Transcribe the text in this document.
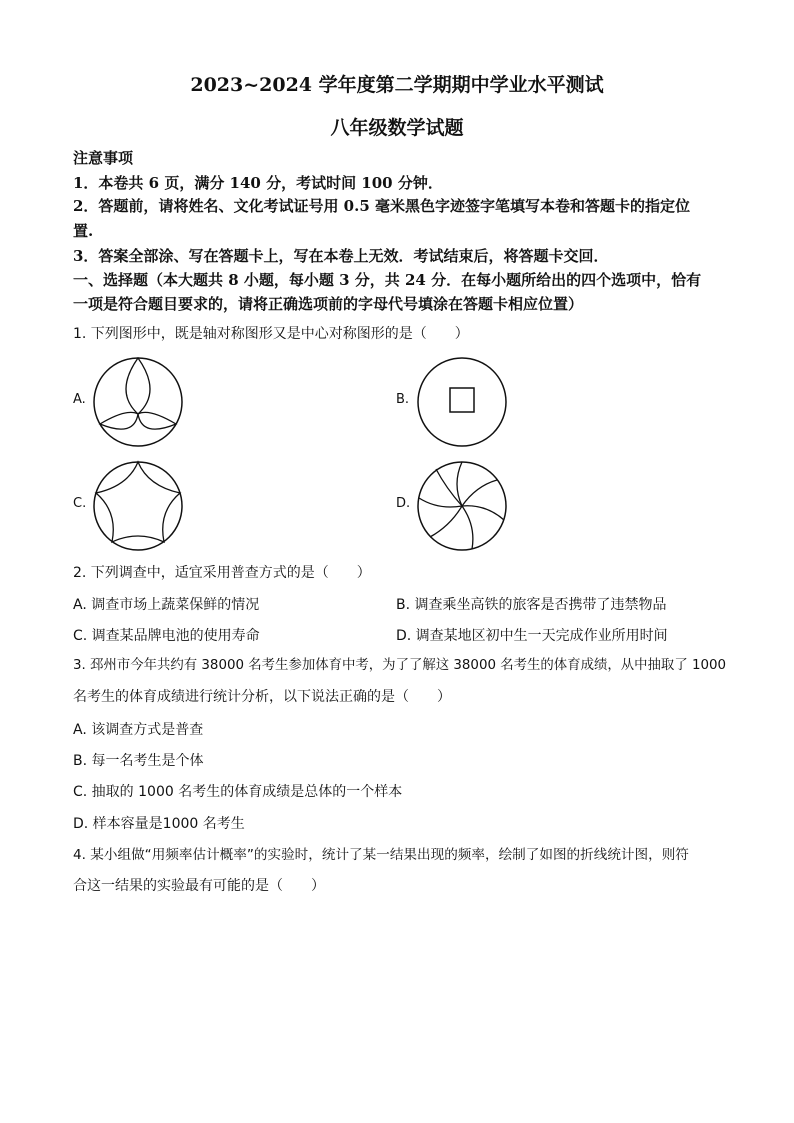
2023~2024 学年度第二学期期中学业水平测试
八年级数学试题
注意事项
1．本卷共 6 页，满分 140 分，考试时间 100 分钟．
2．答题前，请将姓名、文化考试证号用 0.5 毫米黑色字迹签字笔填写本卷和答题卡的指定位
置.
3．答案全部涂、写在答题卡上，写在本卷上无效．考试结束后，将答题卡交回．
一、选择题（本大题共 8 小题，每小题 3 分，共 24 分．在每小题所给出的四个选项中，恰有
一项是符合题目要求的，请将正确选项前的字母代号填涂在答题卡相应位置）
1. 下列图形中，既是轴对称图形又是中心对称图形的是（　　）
A.	B.
C.	D.
2. 下列调查中，适宜采用普查方式的是（　　）
A. 调查市场上蔬菜保鲜的情况	B. 调查乘坐高铁的旅客是否携带了违禁物品
C. 调查某品牌电池的使用寿命	D. 调查某地区初中生一天完成作业所用时间
3. 邳州市今年共约有 38000 名考生参加体育中考，为了了解这 38000 名考生的体育成绩，从中抽取了 1000
名考生的体育成绩进行统计分析，以下说法正确的是（　　）
A. 该调查方式是普查
B. 每一名考生是个体
C. 抽取的 1000 名考生的体育成绩是总体的一个样本
D. 样本容量是1000 名考生
4. 某小组做“用频率估计概率”的实验时，统计了某一结果出现的频率，绘制了如图的折线统计图，则符
合这一结果的实验最有可能的是（　　）
